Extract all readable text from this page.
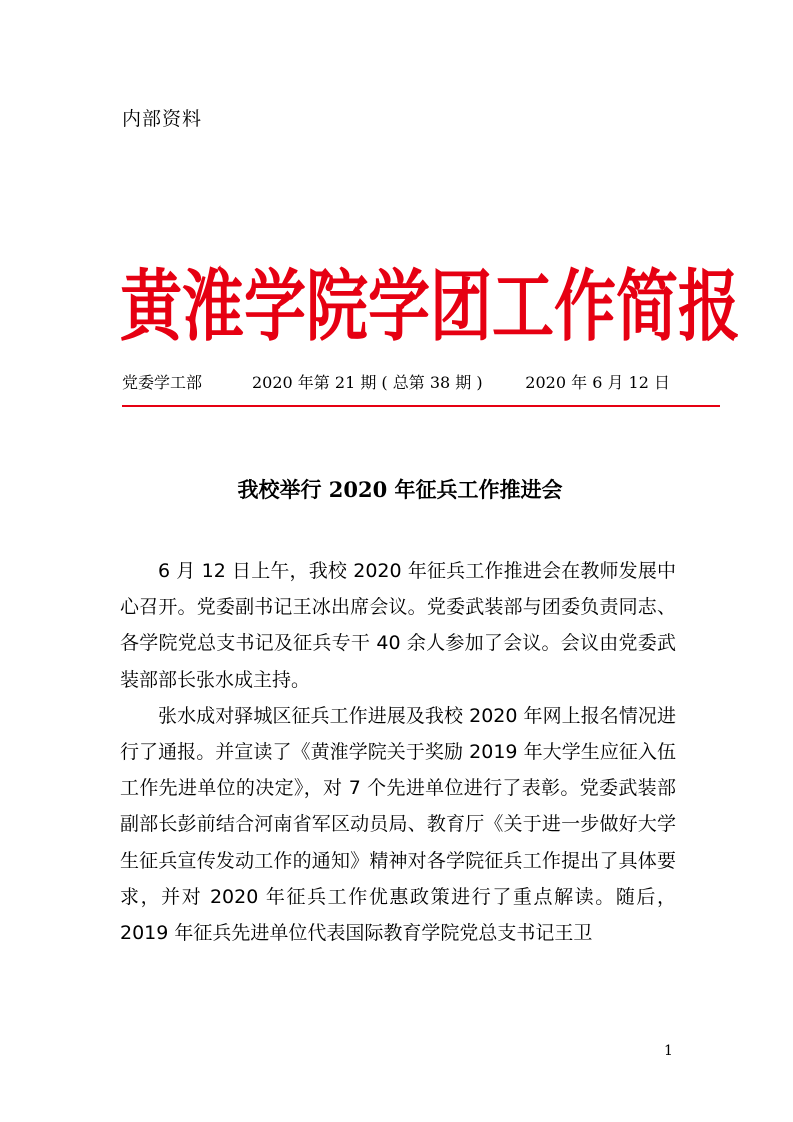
内部资料
黄淮学院学团工作简报
党委学工部	2020 年第 21 期 ( 总第 38 期 )	2020 年 6 月 12 日
我校举行 2020 年征兵工作推进会

6 月 12 日上午，我校 2020 年征兵工作推进会在教师发展中心召开。党委副书记王冰出席会议。党委武装部与团委负责同志、各学院党总支书记及征兵专干 40 余人参加了会议。会议由党委武装部部长张水成主持。

张水成对驿城区征兵工作进展及我校 2020 年网上报名情况进行了通报。并宣读了《黄淮学院关于奖励 2019 年大学生应征入伍工作先进单位的决定》，对 7 个先进单位进行了表彰。党委武装部副部长彭前结合河南省军区动员局、教育厅《关于进一步做好大学生征兵宣传发动工作的通知》精神对各学院征兵工作提出了具体要求，并对 2020 年征兵工作优惠政策进行了重点解读。随后，2019 年征兵先进单位代表国际教育学院党总支书记王卫

1
